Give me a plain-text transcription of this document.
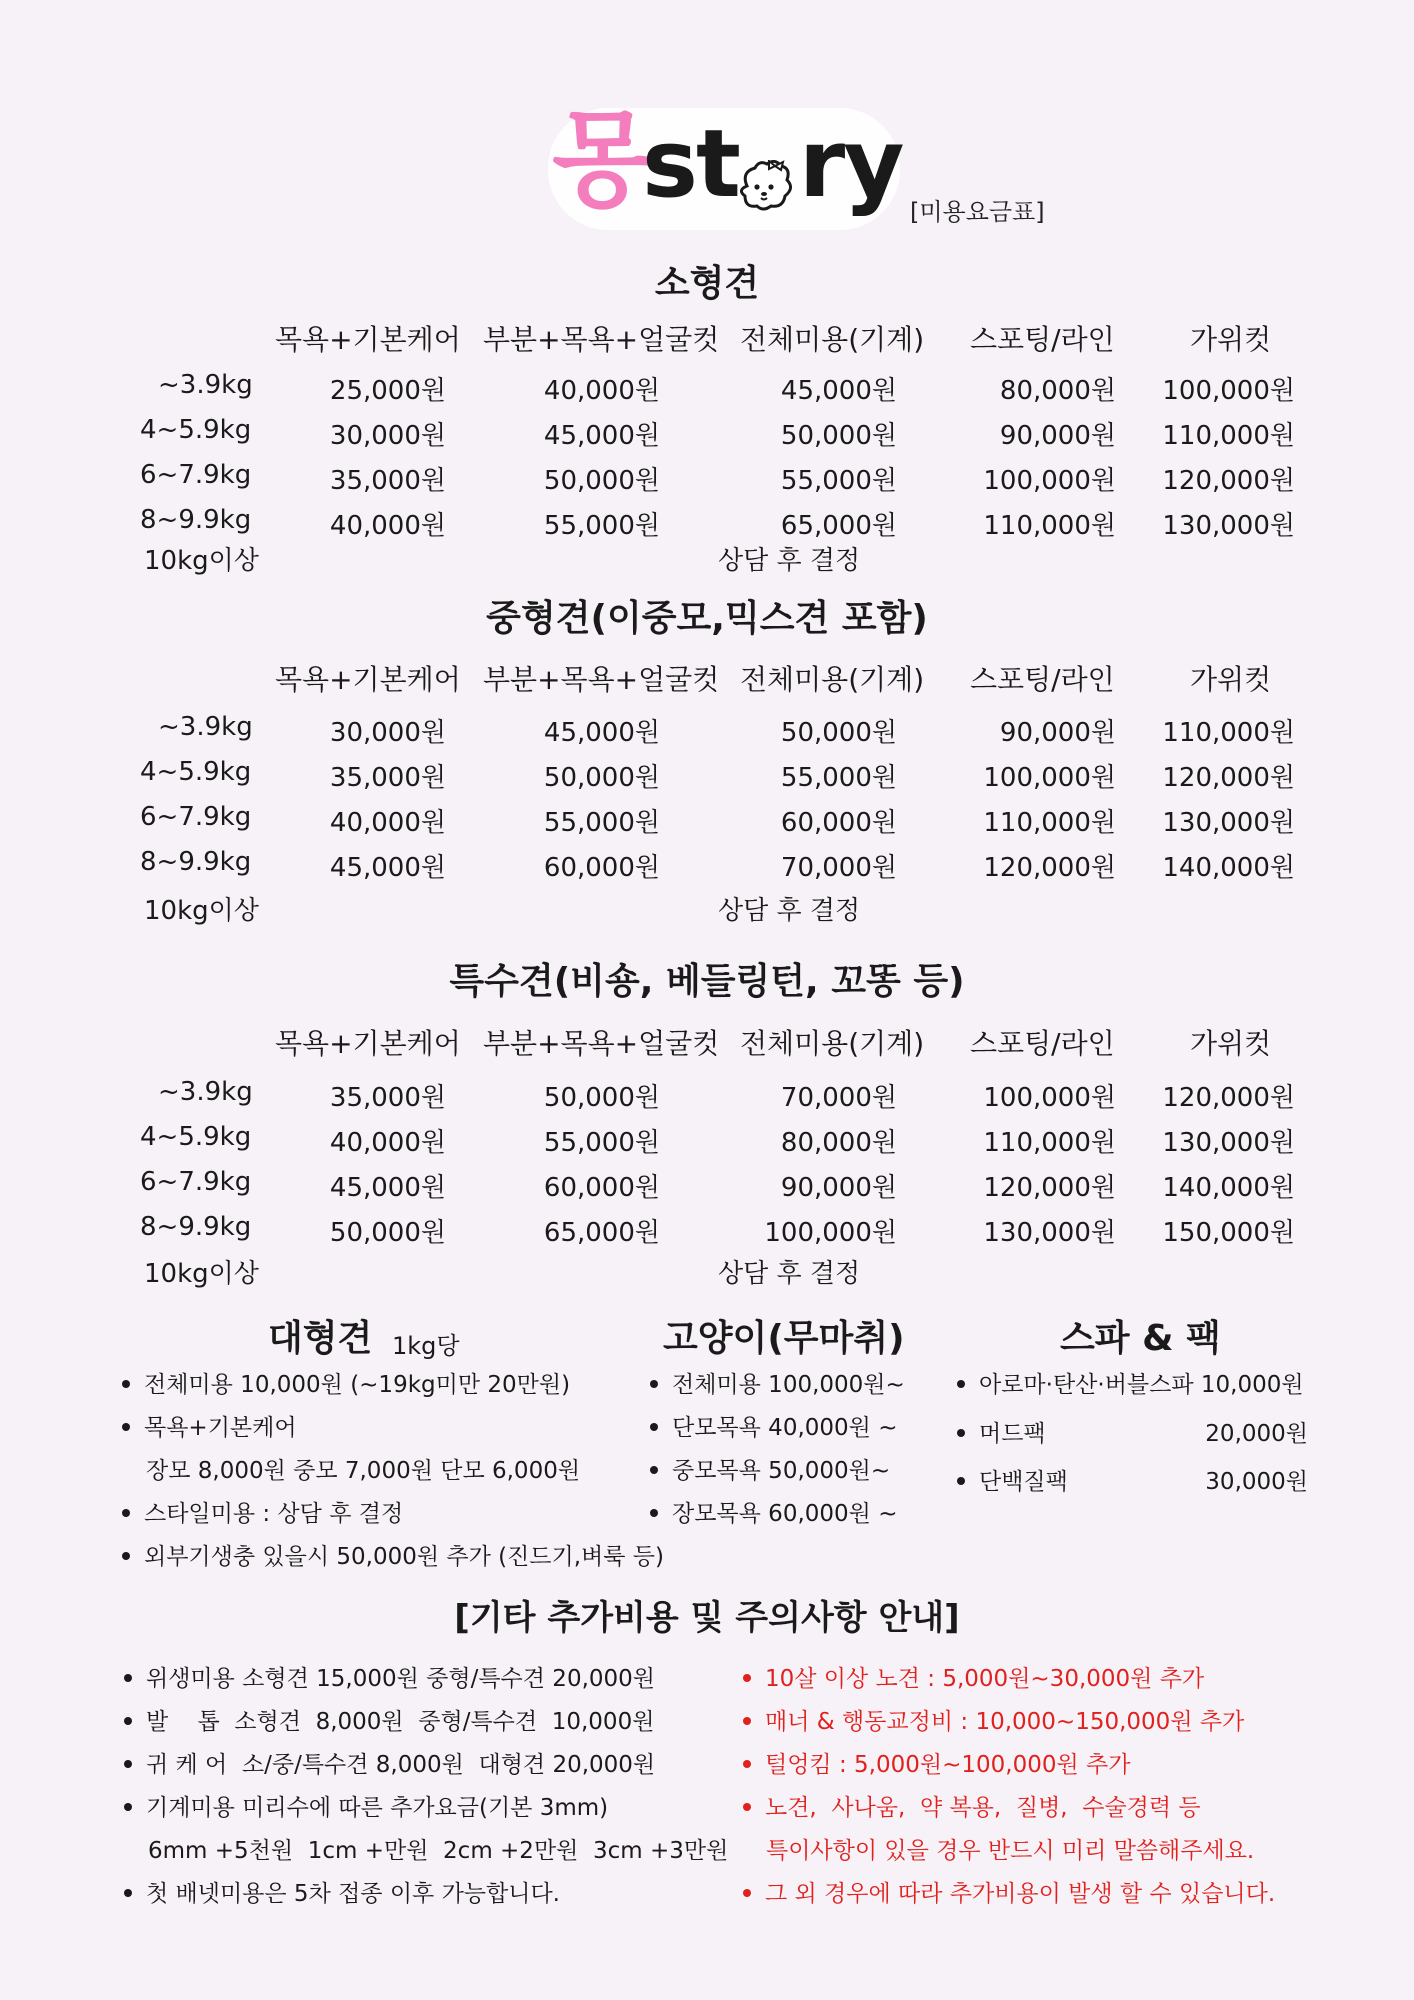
몽
st ry [미용요금표]
소형견
목욕+기본케어 부분+목욕+얼굴컷 전체미용(기계) 스포팅/라인	가위컷
~3.9kg	25,000원	40,000원	45,000원	80,000원	100,000원
4~5.9kg	30,000원	45,000원	50,000원	90,000원	110,000원
6~7.9kg	35,000원	50,000원	55,000원	100,000원	120,000원
8~9.9kg	40,000원	55,000원	65,000원	110,000원	130,000원
10kg이상	상담 후 결정
중형견(이중모,믹스견 포함)
목욕+기본케어 부분+목욕+얼굴컷 전체미용(기계) 스포팅/라인	가위컷
~3.9kg	30,000원	45,000원	50,000원	90,000원	110,000원
4~5.9kg	35,000원	50,000원	55,000원	100,000원	120,000원
6~7.9kg	40,000원	55,000원	60,000원	110,000원	130,000원
8~9.9kg	45,000원	60,000원	70,000원	120,000원	140,000원
10kg이상	상담 후 결정
특수견(비숑, 베들링턴, 꼬똥 등)
목욕+기본케어 부분+목욕+얼굴컷 전체미용(기계) 스포팅/라인	가위컷
~3.9kg	35,000원	50,000원	70,000원	100,000원	120,000원
4~5.9kg	40,000원	55,000원	80,000원	110,000원	130,000원
6~7.9kg	45,000원	60,000원	90,000원	120,000원	140,000원
8~9.9kg	50,000원	65,000원	100,000원	130,000원	150,000원
10kg이상	상담 후 결정
대형견 1kg당
전체미용 10,000원 (~19kg미만 20만원)
목욕+기본케어
장모 8,000원 중모 7,000원 단모 6,000원
스타일미용 : 상담 후 결정
외부기생충 있을시 50,000원 추가 (진드기,벼룩 등)
고양이(무마취)
전체미용 100,000원~
단모목욕 40,000원 ~
중모목욕 50,000원~
장모목욕 60,000원 ~
스파 & 팩
아로마·탄산·버블스파 10,000원
머드팩	20,000원
단백질팩	30,000원
[기타 추가비용 및 주의사항 안내]
위생미용 소형견 15,000원 중형/특수견 20,000원
발    톱  소형견  8,000원  중형/특수견  10,000원
귀 케 어  소/중/특수견 8,000원  대형견 20,000원
기계미용 미리수에 따른 추가요금(기본 3mm)
6mm +5천원  1cm +만원  2cm +2만원  3cm +3만원
첫 배넷미용은 5차 접종 이후 가능합니다.
10살 이상 노견 : 5,000원~30,000원 추가
매너 & 행동교정비 : 10,000~150,000원 추가
털엉킴 : 5,000원~100,000원 추가
노견,  사나움,  약 복용,  질병,  수술경력 등
특이사항이 있을 경우 반드시 미리 말씀해주세요.
그 외 경우에 따라 추가비용이 발생 할 수 있습니다.
